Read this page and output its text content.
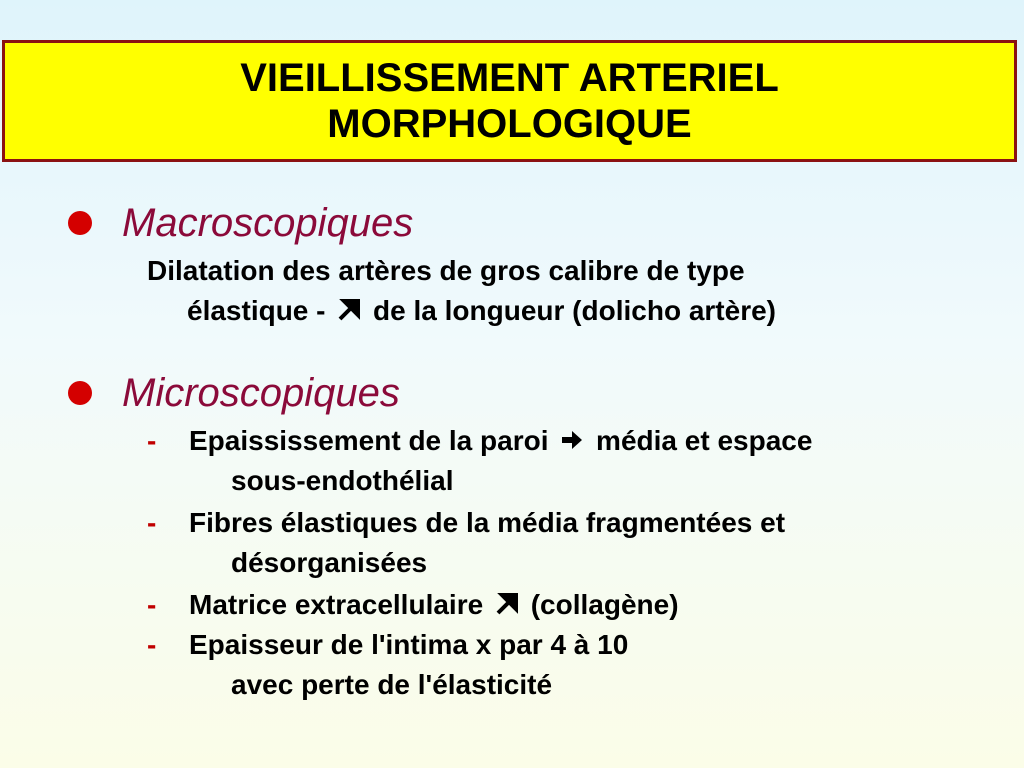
VIEILLISSEMENT ARTERIEL
MORPHOLOGIQUE
Macroscopiques
Dilatation des artères de gros calibre de type
élastique -  de la longueur (dolicho artère)
Microscopiques
- Epaississement de la paroi  média et espace
sous-endothélial
- Fibres élastiques de la média fragmentées et
désorganisées
- Matrice extracellulaire  (collagène)
- Epaisseur de l'intima x par 4 à 10
avec perte de l'élasticité
